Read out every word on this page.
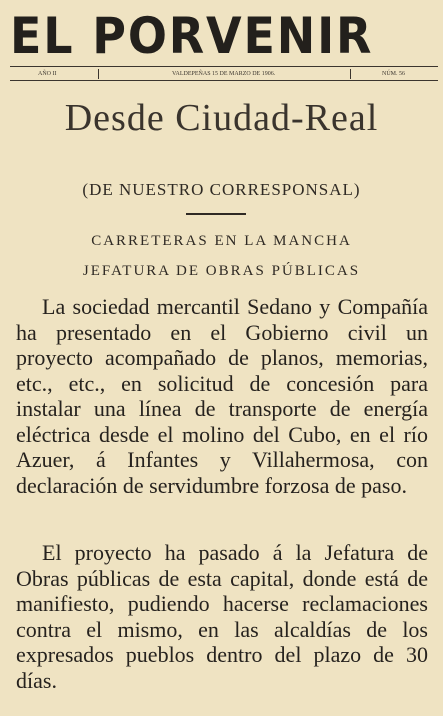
EL PORVENIR
AÑO II	VALDEPEÑAS 15 DE MARZO DE 1906.	NÚM. 56
Desde Ciudad-Real
(DE NUESTRO CORRESPONSAL)
CARRETERAS EN LA MANCHA
JEFATURA DE OBRAS PÚBLICAS
La sociedad mercantil Sedano y Compañía ha presentado en el Gobierno civil un proyecto acompañado de planos, memorias, etc., etc., en solicitud de concesión para instalar una línea de transporte de energía eléctrica desde el molino del Cubo, en el río Azuer, á Infantes y Villahermosa, con declaración de servidumbre forzosa de paso.
El proyecto ha pasado á la Jefatura de Obras públicas de esta capital, donde está de manifiesto, pudiendo hacerse reclamaciones contra el mismo, en las alcaldías de los expresados pueblos dentro del plazo de 30 días.
